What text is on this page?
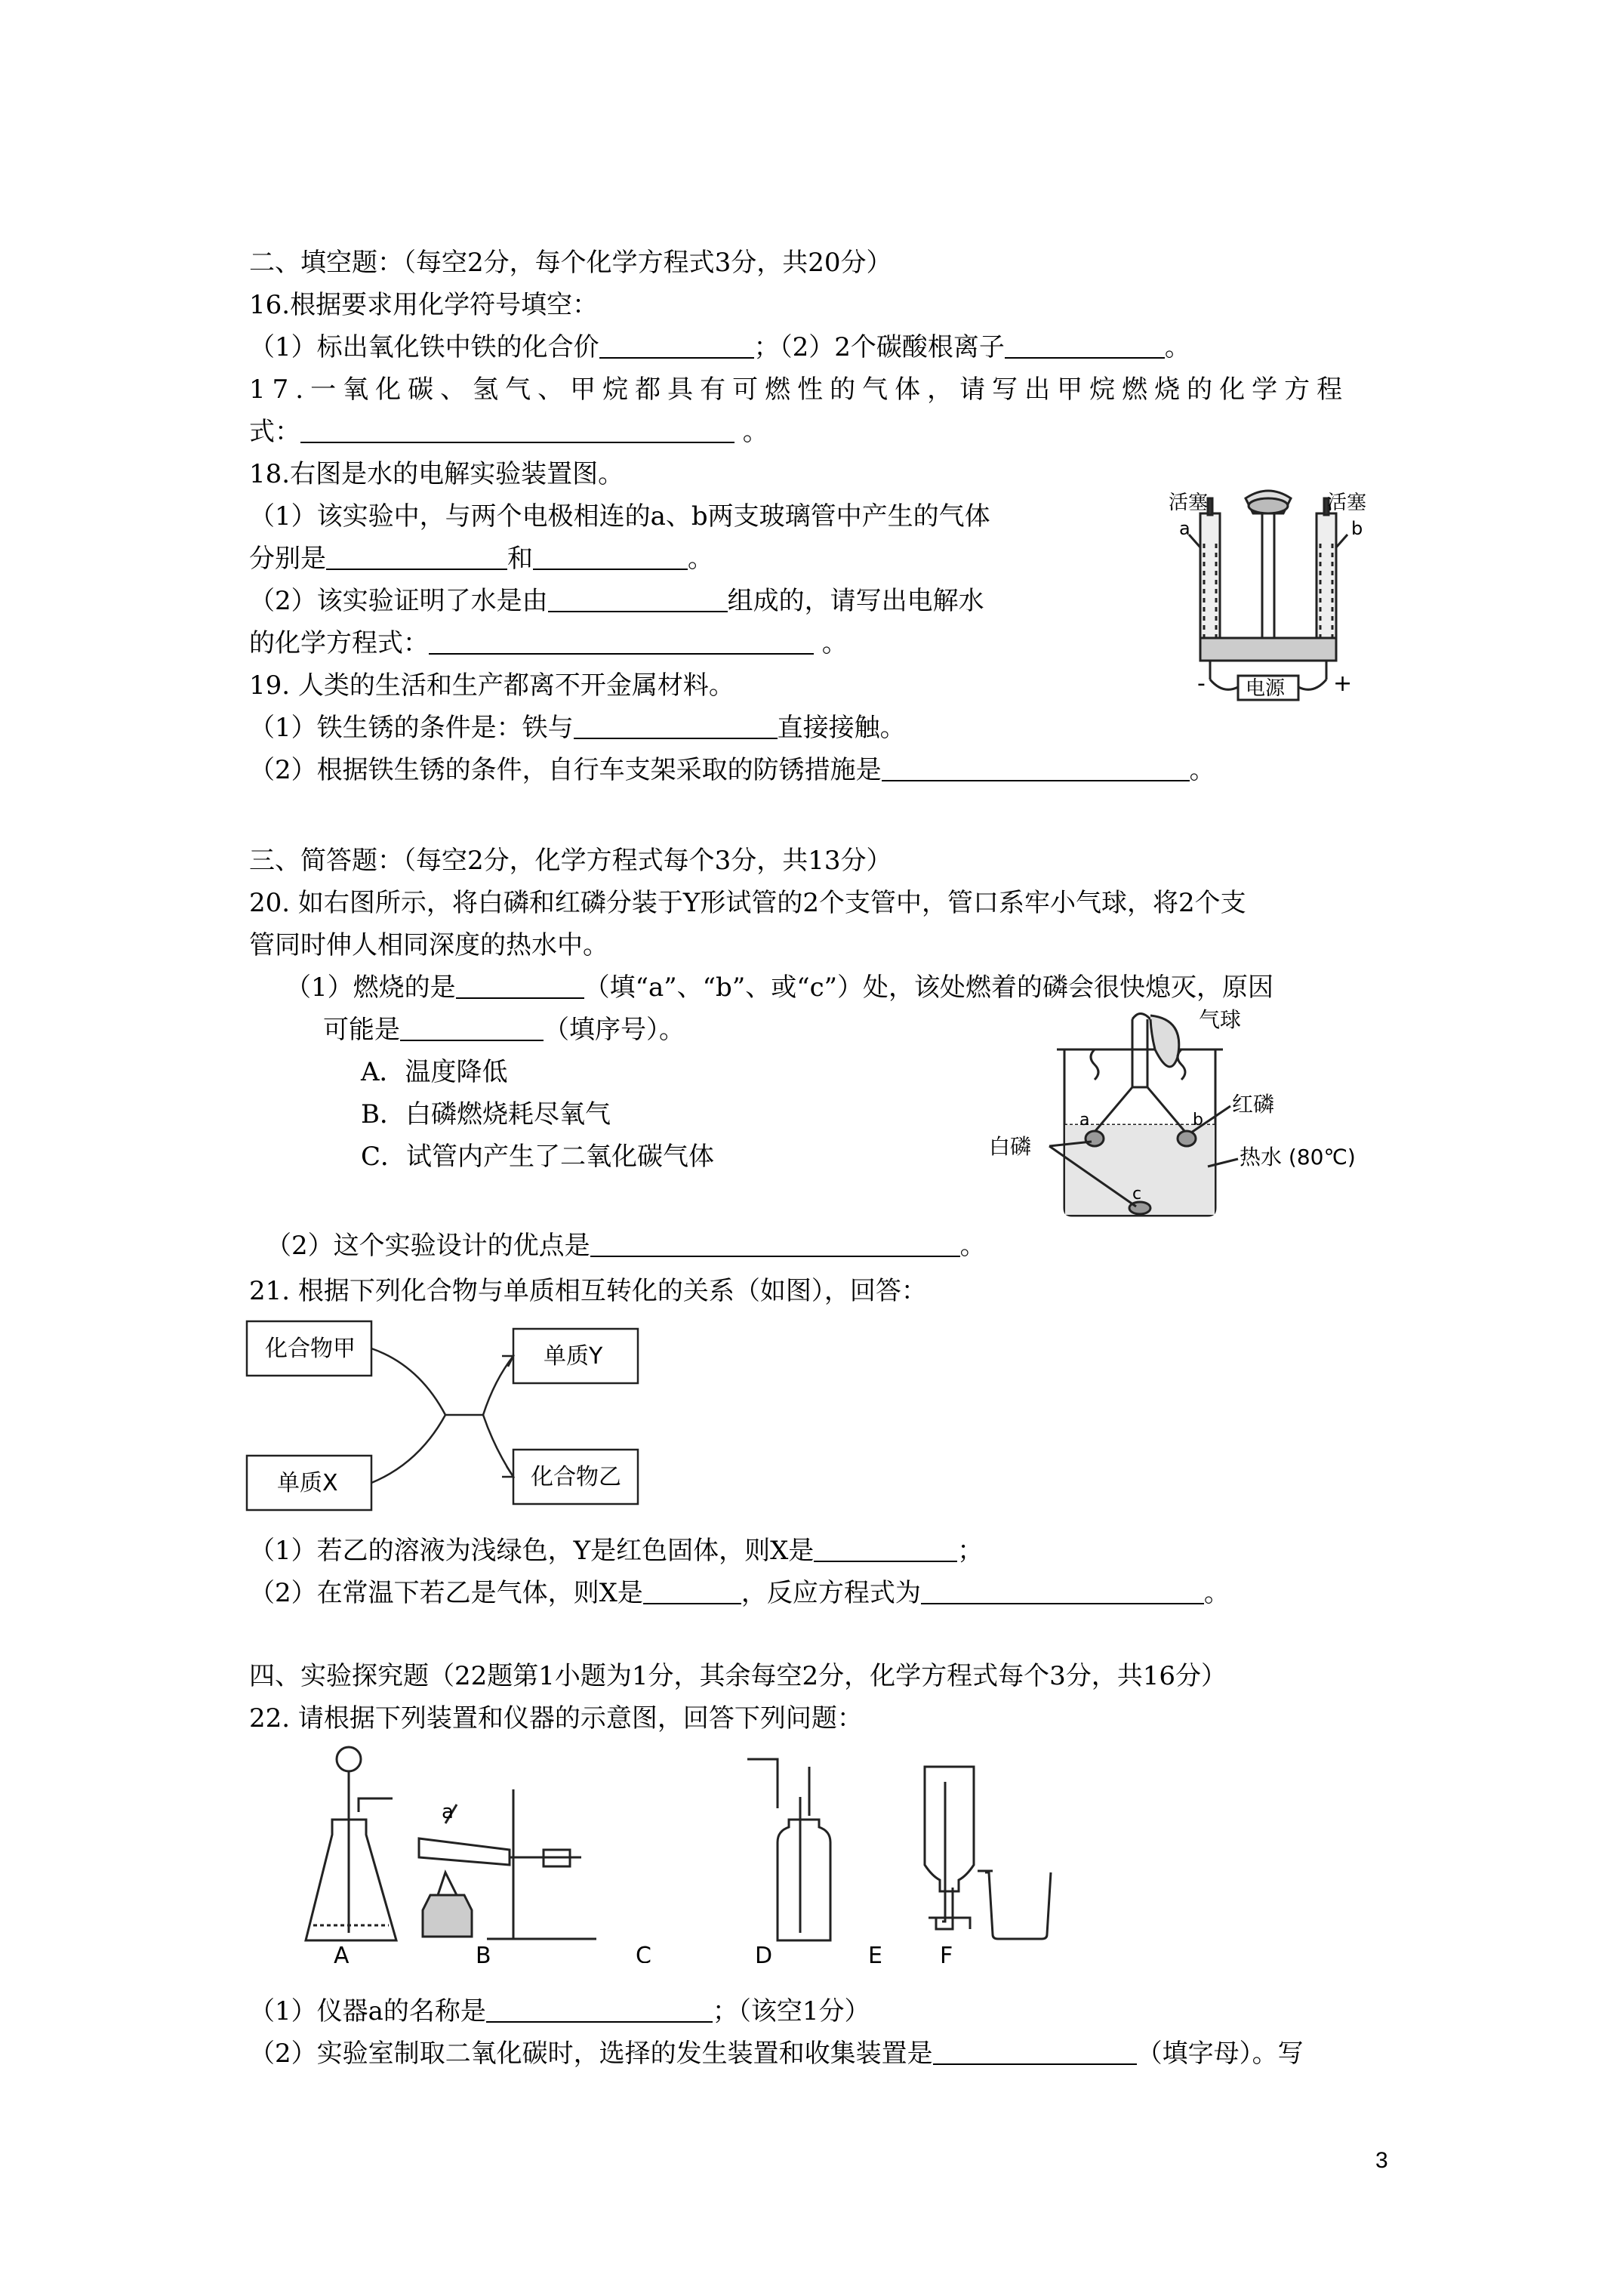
二、填空题：（每空2分，每个化学方程式3分，共20分）
16.根据要求用化学符号填空：
（1）标出氧化铁中铁的化合价	；（2）2个碳酸根离子	。
17.一氧化碳、氢气、甲烷都具有可燃性的气体，请写出甲烷燃烧的化学方程
式：	。
18.右图是水的电解实验装置图。
（1）该实验中，与两个电极相连的a、b两支玻璃管中产生的气体
分别是	和	。
（2）该实验证明了水是由	组成的，请写出电解水
的化学方程式：	。
19. 人类的生活和生产都离不开金属材料。
（1）铁生锈的条件是：铁与	直接接触。
（2）根据铁生锈的条件，自行车支架采取的防锈措施是	。
活塞	活塞
a	b
-	+
电源
三、简答题：（每空2分，化学方程式每个3分，共13分）
20. 如右图所示，将白磷和红磷分装于Y形试管的2个支管中，管口系牢小气球，将2个支
管同时伸人相同深度的热水中。
（1）燃烧的是	（填“a”、“b”、或“c”）处，该处燃着的磷会很快熄灭，原因
可能是	（填序号）。
A．温度降低
B．白磷燃烧耗尽氧气
C．试管内产生了二氧化碳气体
（2）这个实验设计的优点是	。
21. 根据下列化合物与单质相互转化的关系（如图），回答：
气球
红磷
白磷	热水 (80℃)
a	b
c
化合物甲
单质X
单质Y
化合物乙
（1）若乙的溶液为浅绿色，Y是红色固体，则X是	；
（2）在常温下若乙是气体，则X是	，反应方程式为	。
四、实验探究题（22题第1小题为1分，其余每空2分，化学方程式每个3分，共16分）
22. 请根据下列装置和仪器的示意图，回答下列问题：
a
A	B	C	D	E	F
（1）仪器a的名称是	；（该空1分）
（2）实验室制取二氧化碳时，选择的发生装置和收集装置是	（填字母）。写
3
